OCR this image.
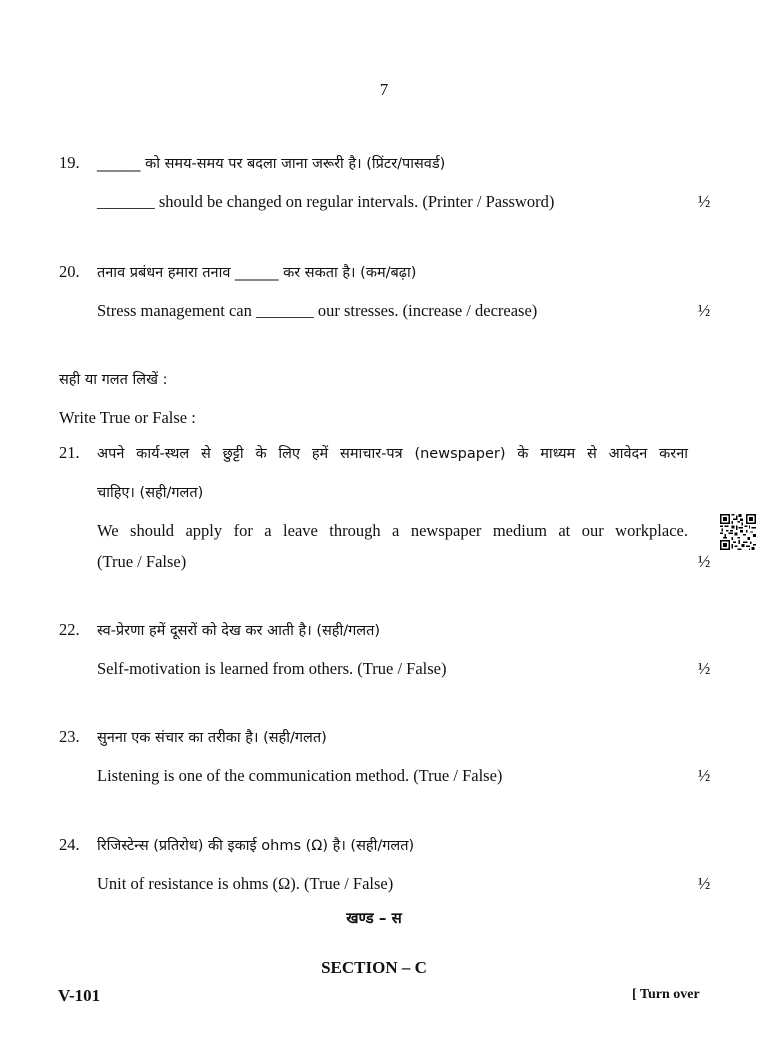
7
19. ______ को समय-समय पर बदला जाना जरूरी है। (प्रिंटर/पासवर्ड)
_______ should be changed on regular intervals. (Printer / Password)	½
20. तनाव प्रबंधन हमारा तनाव ______ कर सकता है। (कम/बढ़ा)
Stress management can _______ our stresses. (increase / decrease)	½
सही या गलत लिखें :
Write True or False :
21. अपने कार्य-स्थल से छुट्टी के लिए हमें समाचार-पत्र (newspaper) के माध्यम से आवेदन करना
चाहिए। (सही/गलत)
We should apply for a leave through a newspaper medium at our workplace.
(True / False)	½
22. स्व-प्रेरणा हमें दूसरों को देख कर आती है। (सही/गलत)
Self-motivation is learned from others. (True / False)	½
23. सुनना एक संचार का तरीका है। (सही/गलत)
Listening is one of the communication method. (True / False)	½
24. रिजिस्टेन्स (प्रतिरोध) की इकाई ohms (Ω) है। (सही/गलत)
Unit of resistance is ohms (Ω). (True / False)	½
खण्ड – स
SECTION – C
V-101	[ Turn over
